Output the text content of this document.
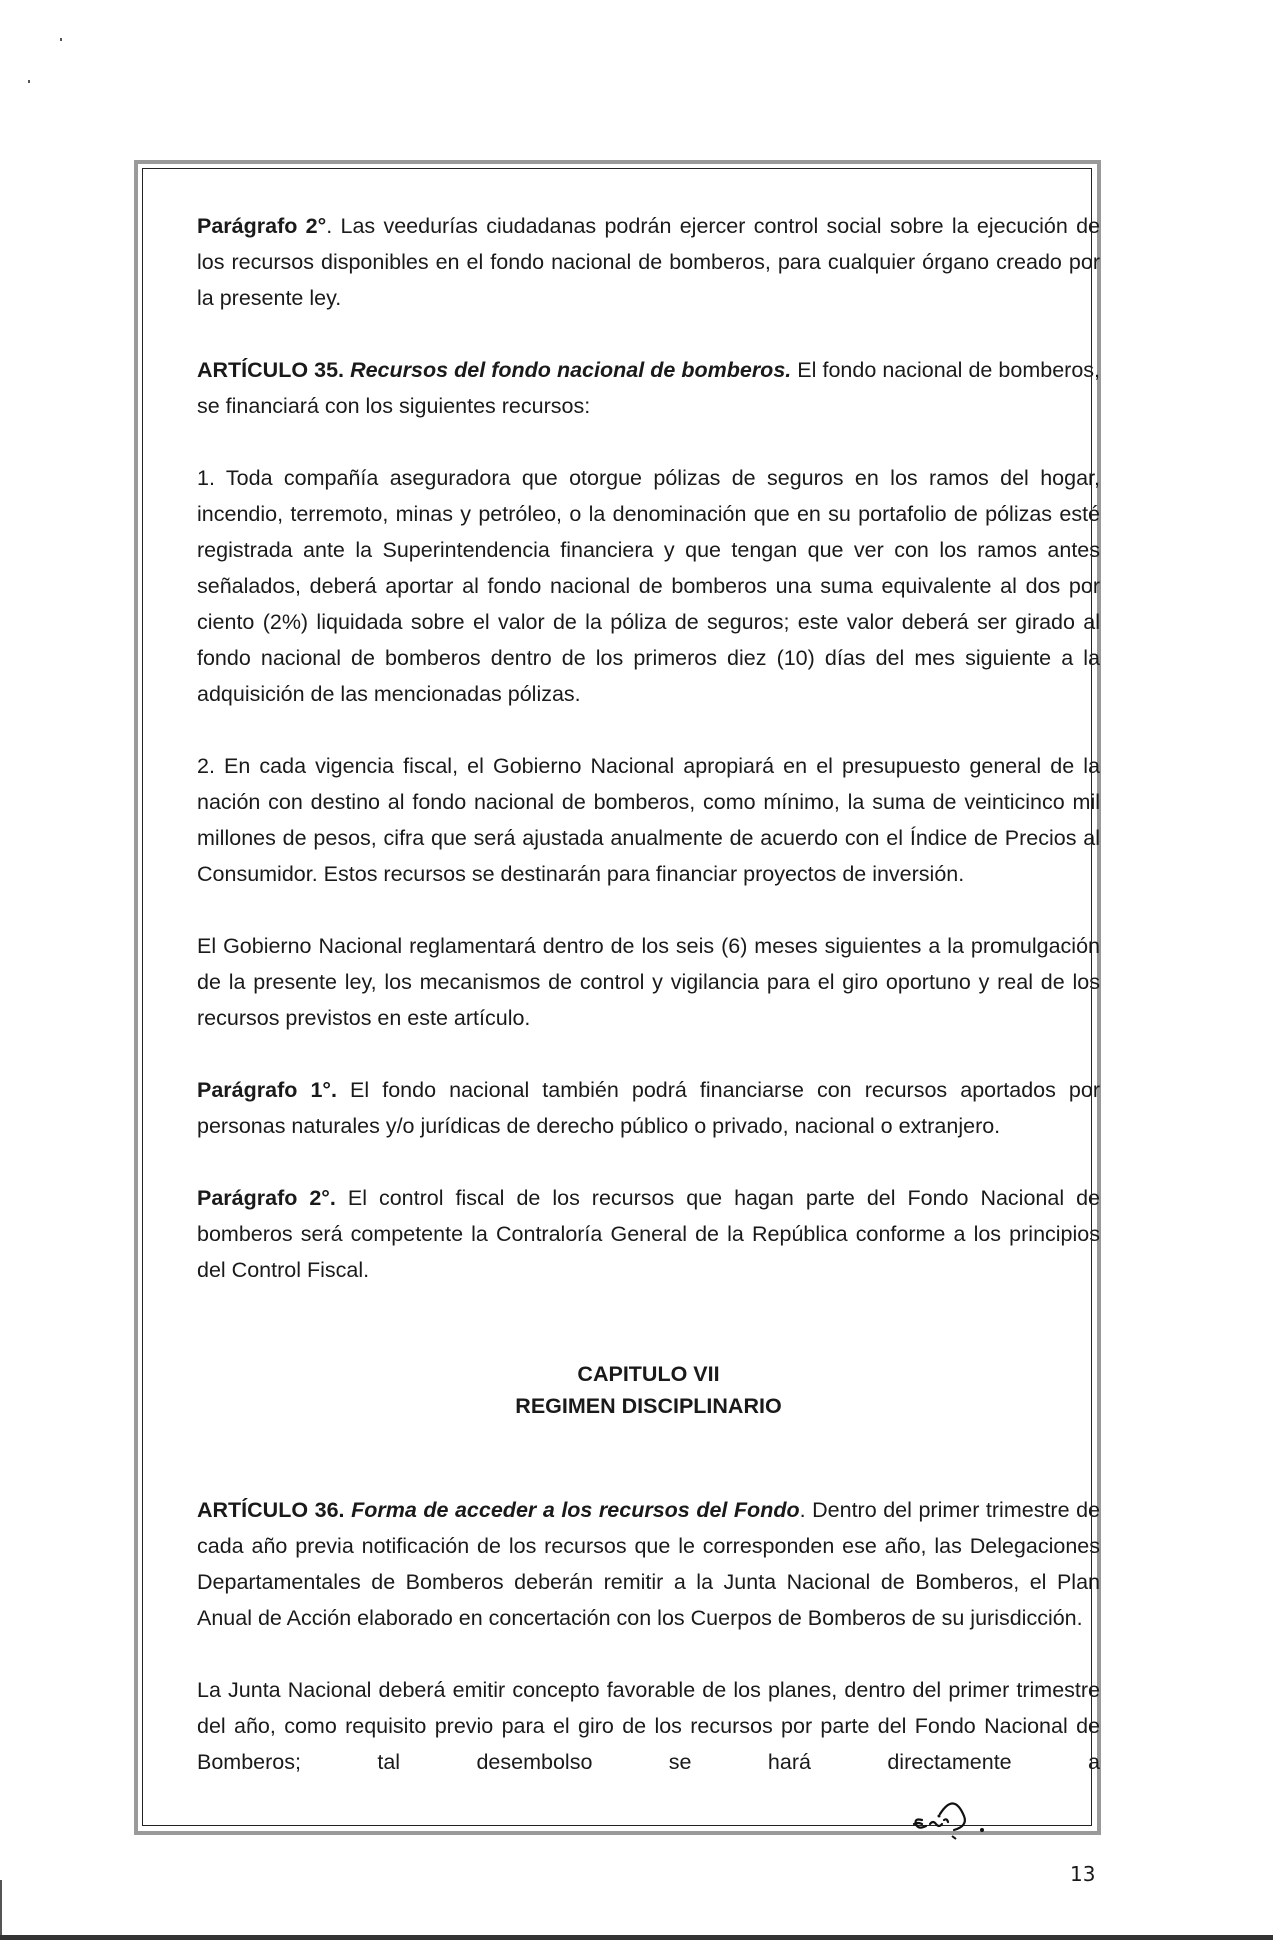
Parágrafo 2°. Las veedurías ciudadanas podrán ejercer control social sobre la ejecución de los recursos disponibles en el fondo nacional de bomberos, para cualquier órgano creado por la presente ley.

ARTÍCULO 35. Recursos del fondo nacional de bomberos. El fondo nacional de bomberos, se financiará con los siguientes recursos:

1. Toda compañía aseguradora que otorgue pólizas de seguros en los ramos del hogar, incendio, terremoto, minas y petróleo, o la denominación que en su portafolio de pólizas esté registrada ante la Superintendencia financiera y que tengan que ver con los ramos antes señalados, deberá aportar al fondo nacional de bomberos una suma equivalente al dos por ciento (2%) liquidada sobre el valor de la póliza de seguros; este valor deberá ser girado al fondo nacional de bomberos dentro de los primeros diez (10) días del mes siguiente a la adquisición de las mencionadas pólizas.

2. En cada vigencia fiscal, el Gobierno Nacional apropiará en el presupuesto general de la nación con destino al fondo nacional de bomberos, como mínimo, la suma de veinticinco mil millones de pesos, cifra que será ajustada anualmente de acuerdo con el Índice de Precios al Consumidor. Estos recursos se destinarán para financiar proyectos de inversión.

El Gobierno Nacional reglamentará dentro de los seis (6) meses siguientes a la promulgación de la presente ley, los mecanismos de control y vigilancia para el giro oportuno y real de los recursos previstos en este artículo.

Parágrafo 1°. El fondo nacional también podrá financiarse con recursos aportados por personas naturales y/o jurídicas de derecho público o privado, nacional o extranjero.

Parágrafo 2°. El control fiscal de los recursos que hagan parte del Fondo Nacional de bomberos será competente la Contraloría General de la República conforme a los principios del Control Fiscal.

CAPITULO VII
REGIMEN DISCIPLINARIO

ARTÍCULO 36. Forma de acceder a los recursos del Fondo. Dentro del primer trimestre de cada año previa notificación de los recursos que le corresponden ese año, las Delegaciones Departamentales de Bomberos deberán remitir a la Junta Nacional de Bomberos, el Plan Anual de Acción elaborado en concertación con los Cuerpos de Bomberos de su jurisdicción.

La Junta Nacional deberá emitir concepto favorable de los planes, dentro del primer trimestre del año, como requisito previo para el giro de los recursos por parte del Fondo Nacional de Bomberos; tal desembolso se hará directamente a

13
